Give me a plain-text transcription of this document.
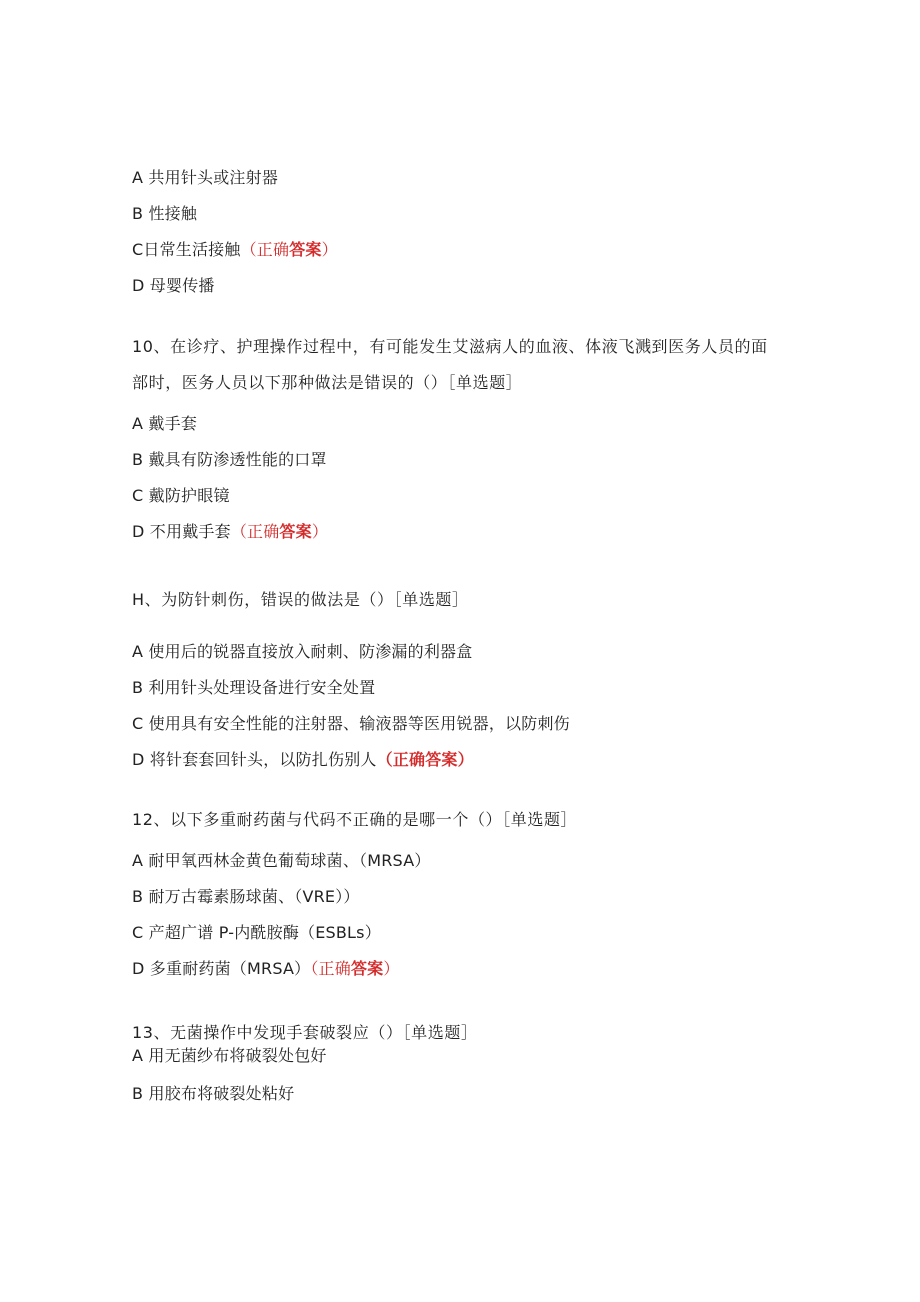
A 共用针头或注射器
B 性接触
C日常生活接触（正确答案）
D 母婴传播
10、在诊疗、护理操作过程中，有可能发生艾滋病人的血液、体液飞溅到医务人员的面
部时，医务人员以下那种做法是错误的（）［单选题］
A 戴手套
B 戴具有防渗透性能的口罩
C 戴防护眼镜
D 不用戴手套（正确答案）
H、为防针刺伤，错误的做法是（）［单选题］
A 使用后的锐器直接放入耐刺、防渗漏的利器盒
B 利用针头处理设备进行安全处置
C 使用具有安全性能的注射器、输液器等医用锐器，以防刺伤
D 将针套套回针头，以防扎伤别人（正确答案）
12、以下多重耐药菌与代码不正确的是哪一个（）［单选题］
A 耐甲氧西林金黄色葡萄球菌、（MRSA）
B 耐万古霉素肠球菌、（VRE））
C 产超广谱 P-内酰胺酶（ESBLs）
D 多重耐药菌（MRSA）（正确答案）
13、无菌操作中发现手套破裂应（）［单选题］
A 用无菌纱布将破裂处包好
B 用胶布将破裂处粘好
